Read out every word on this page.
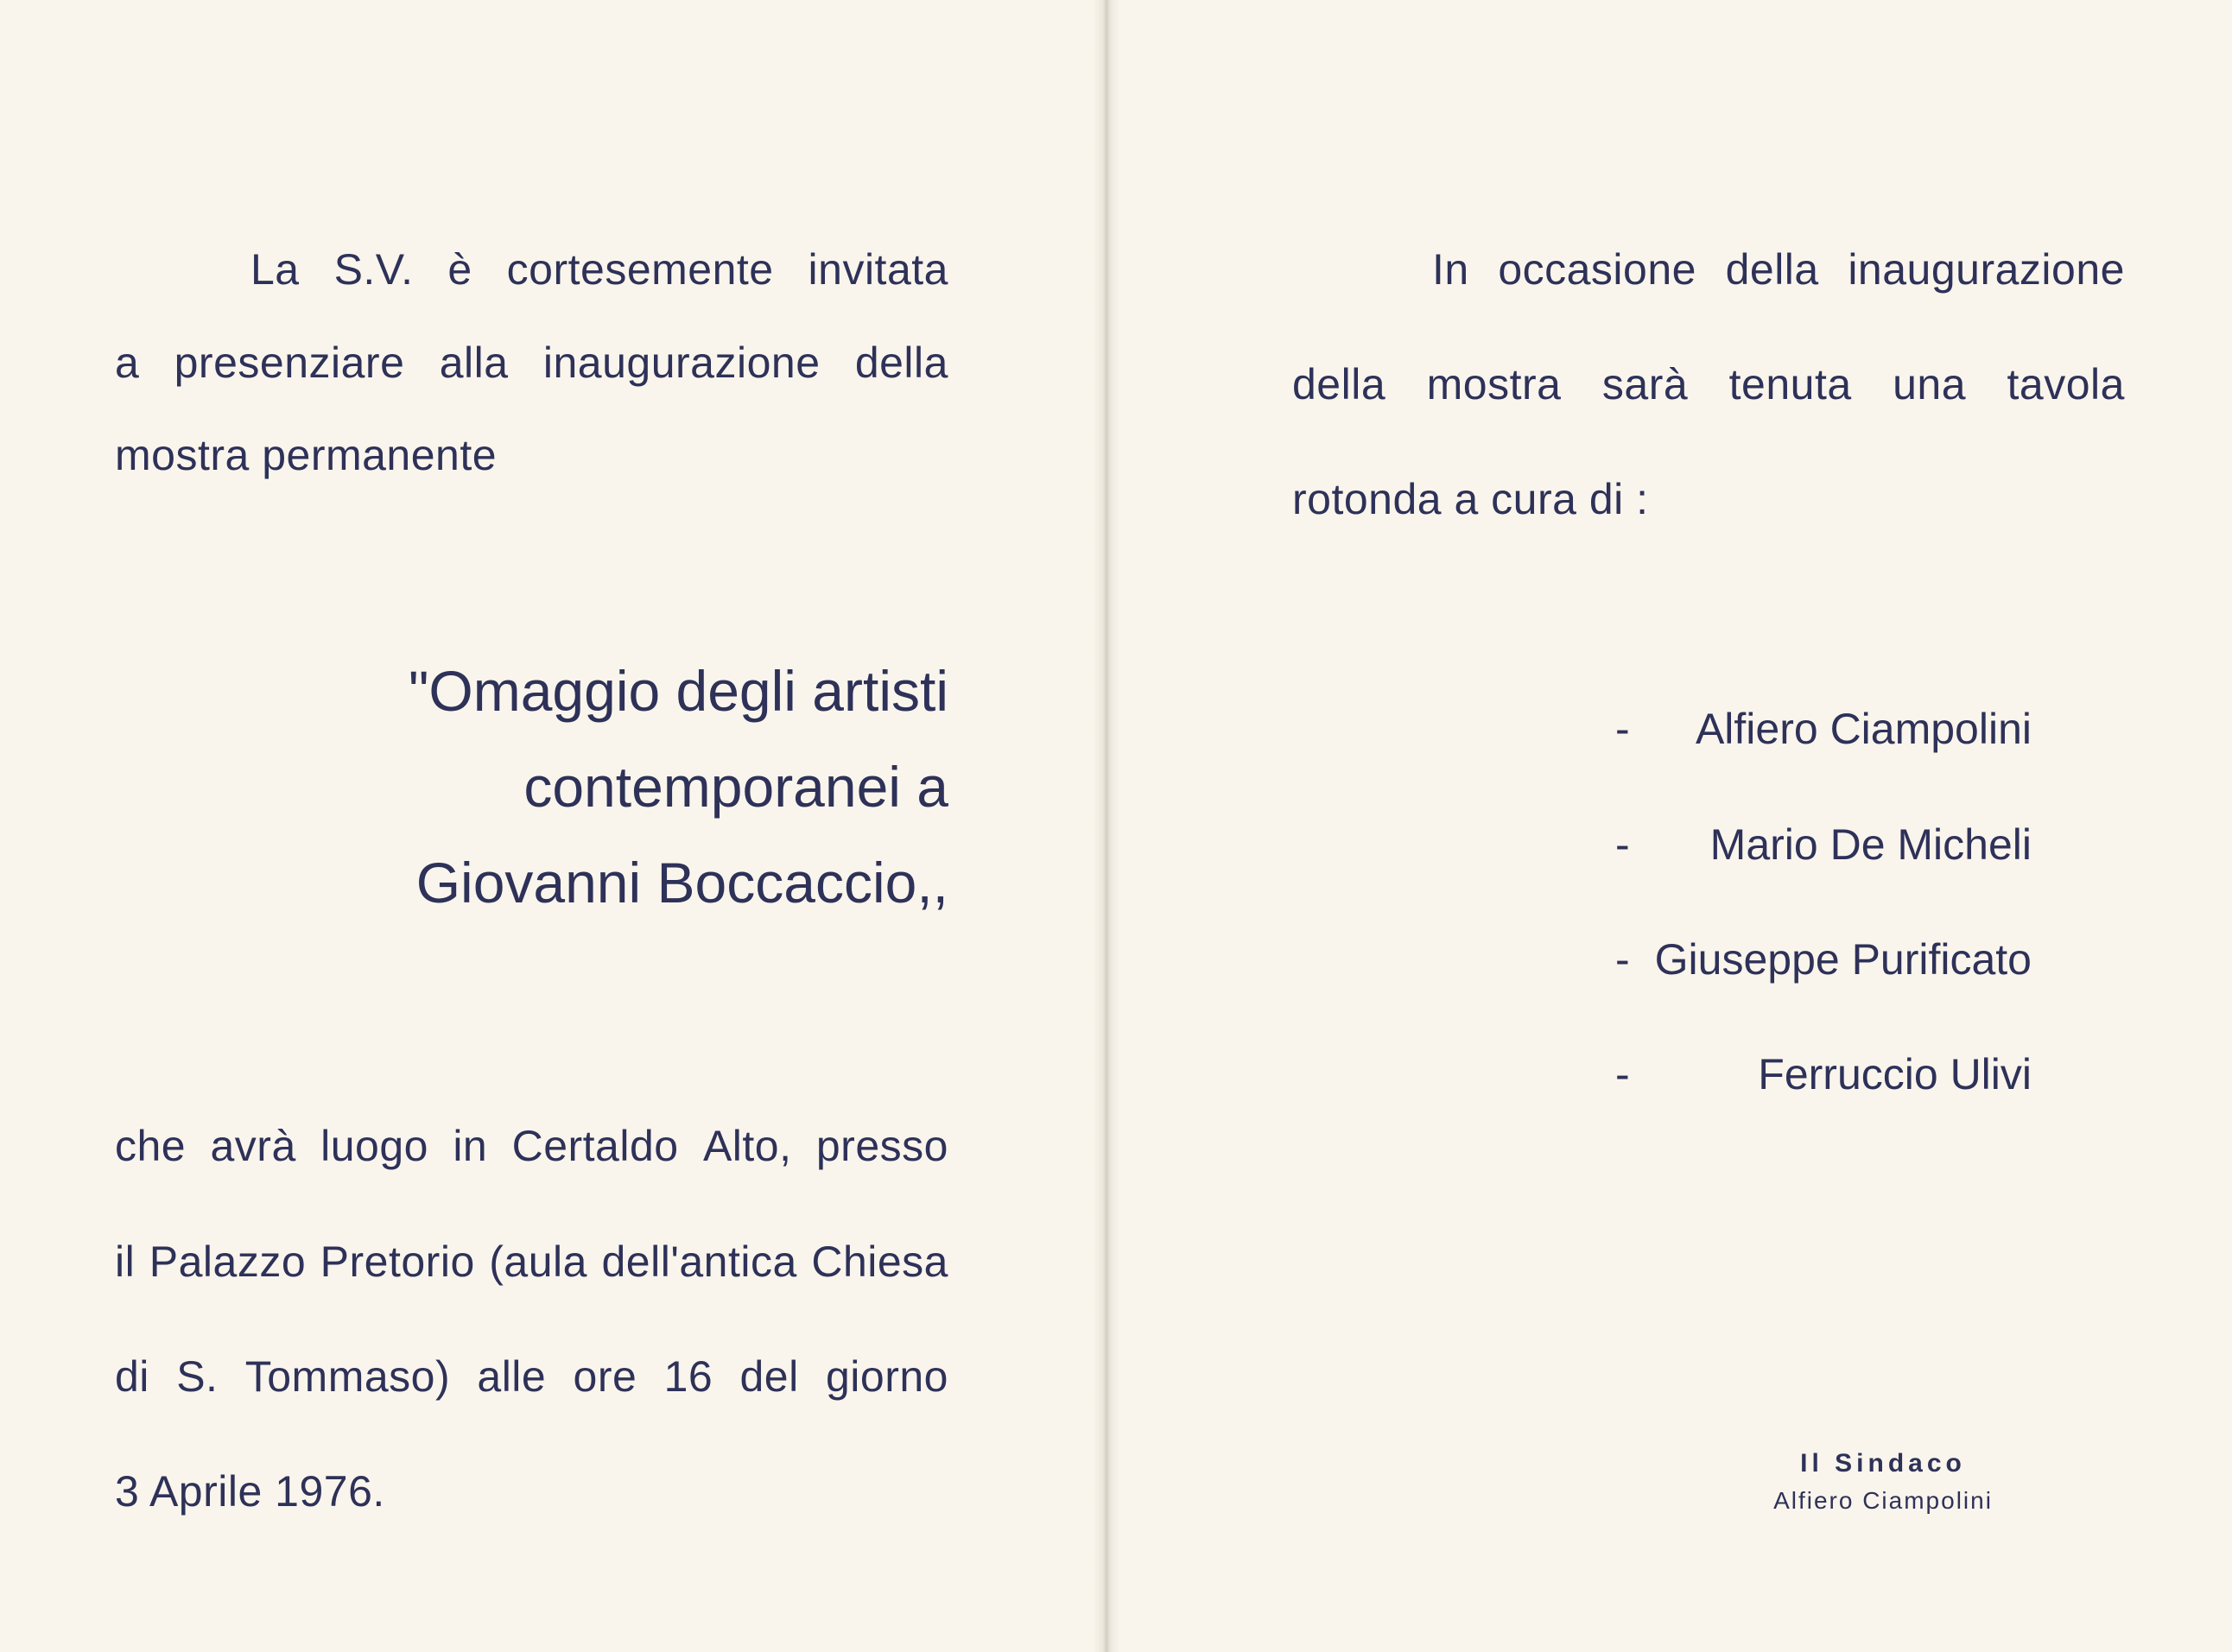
La S.V. è cortesemente invitata
a presenziare alla inaugurazione della
mostra permanente
"Omaggio degli artisti
contemporanei a
Giovanni Boccaccio,,
che avrà luogo in Certaldo Alto, presso
il Palazzo Pretorio (aula dell'antica Chiesa
di S. Tommaso) alle ore 16 del giorno
3 Aprile 1976.
In occasione della inaugurazione
della mostra sarà tenuta una tavola
rotonda a cura di :
- Alfiero Ciampolini
- Mario De Micheli
- Giuseppe Purificato
-	Ferruccio Ulivi
Il Sindaco
Alfiero Ciampolini
